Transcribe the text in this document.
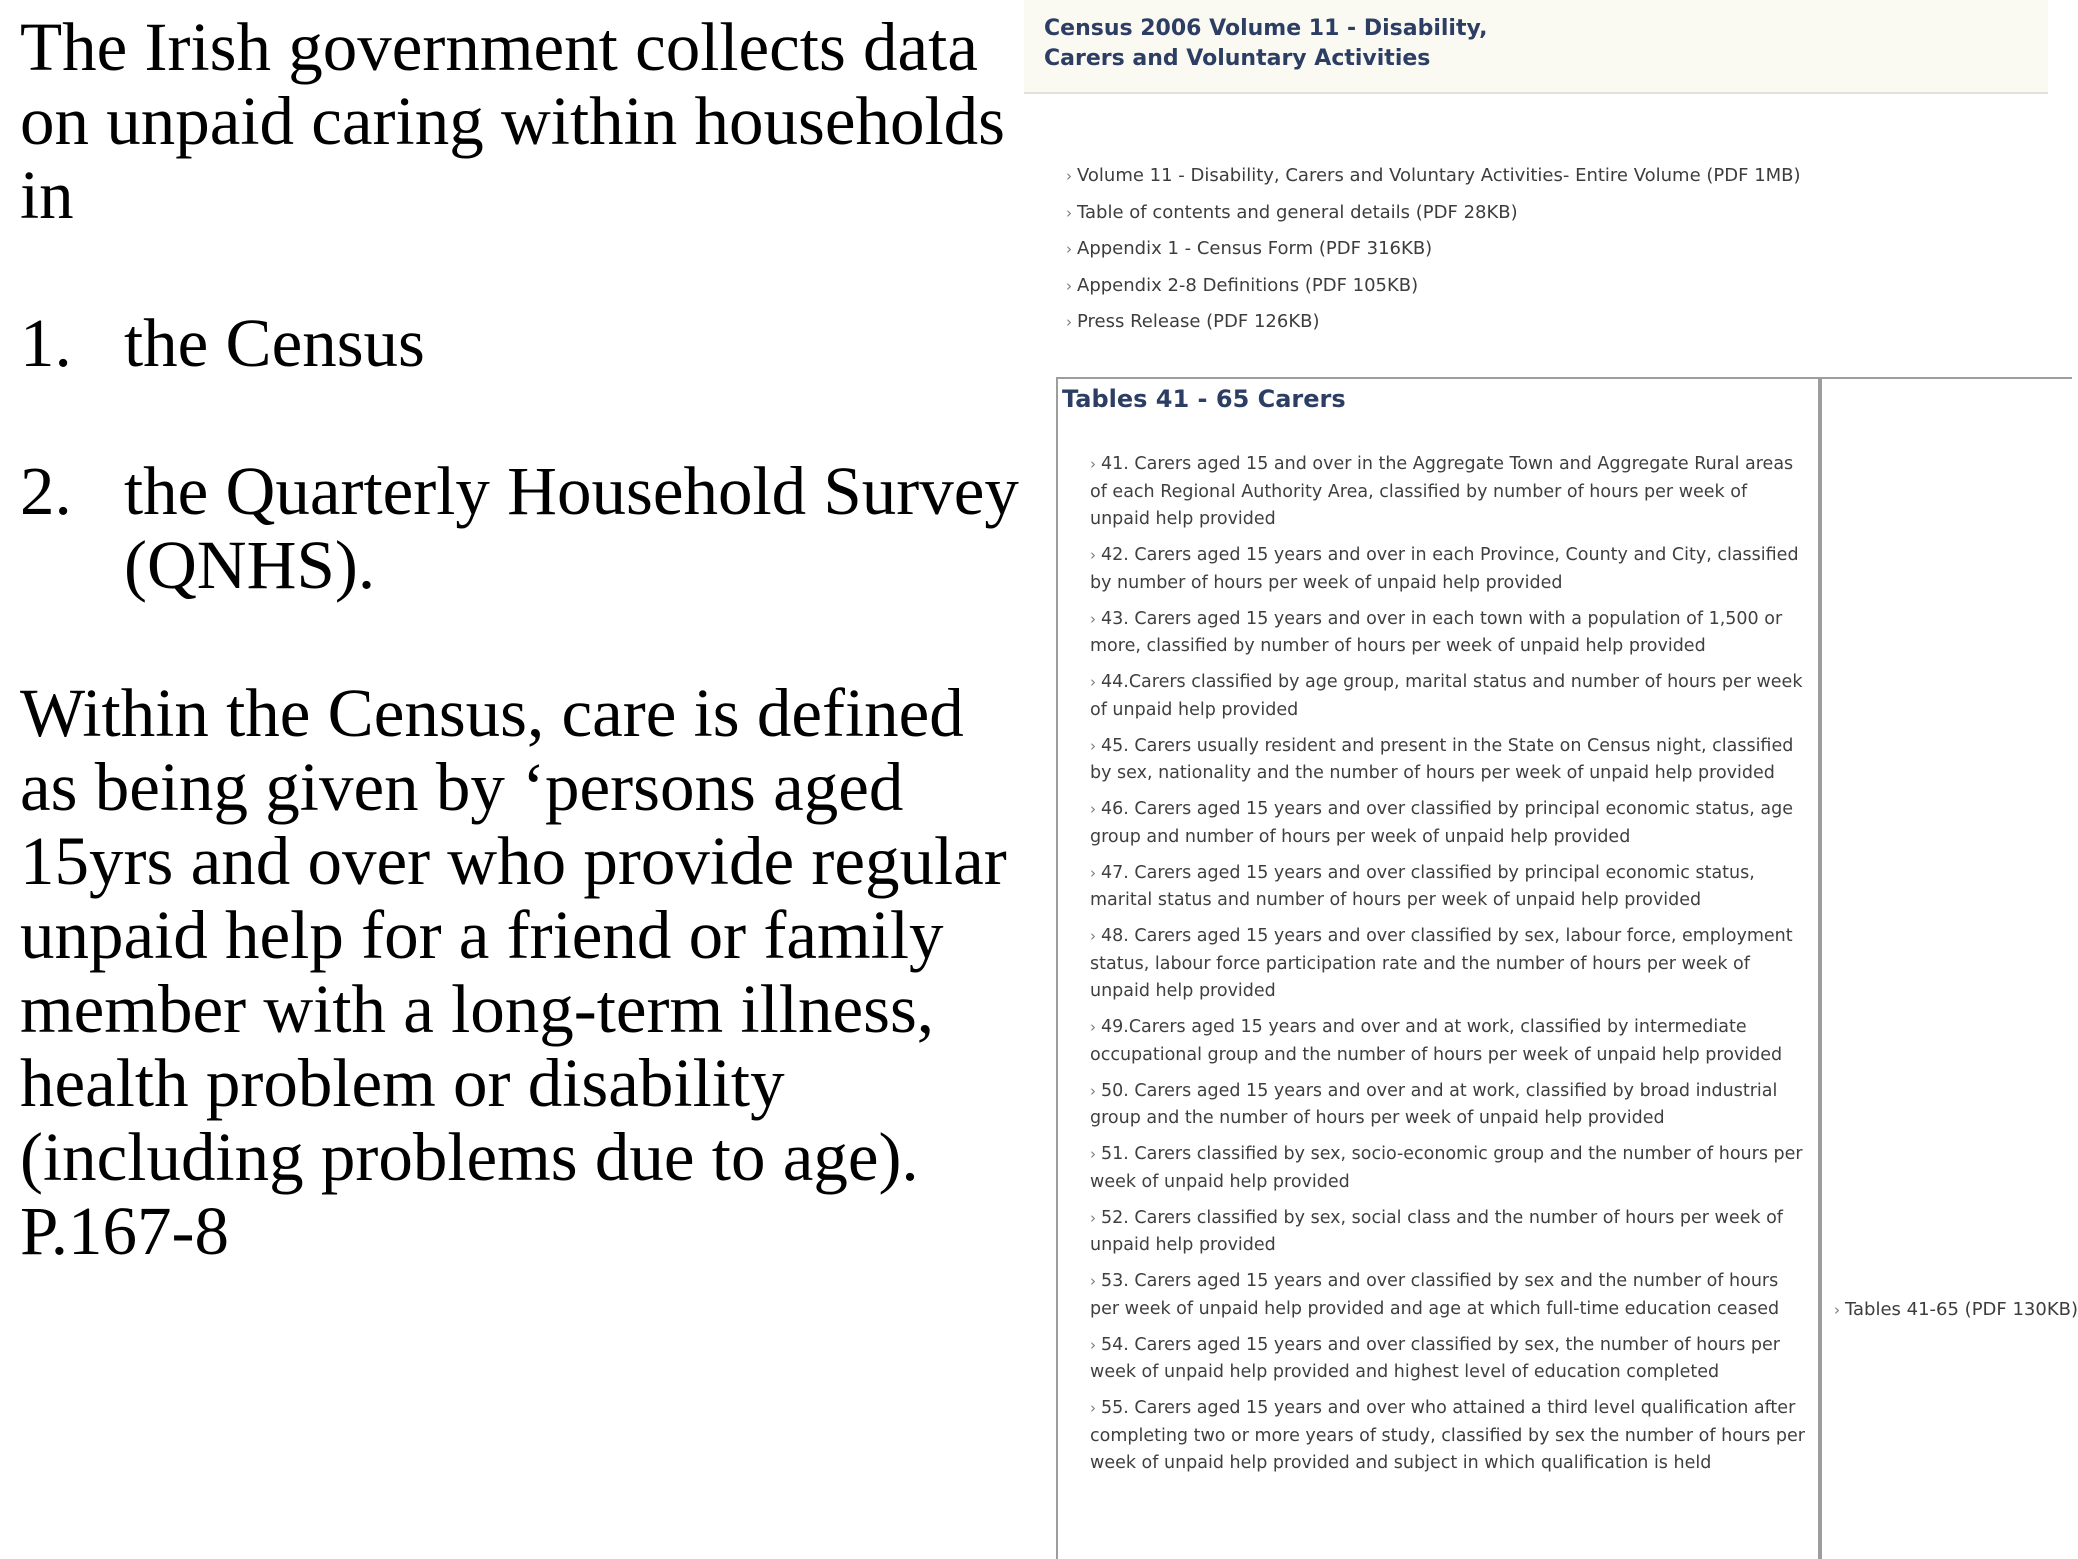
The Irish government collects data on unpaid caring within households in

1. the Census

2. the Quarterly Household Survey (QNHS).

Within the Census, care is defined as being given by ‘persons aged 15yrs and over who provide regular unpaid help for a friend or family member with a long-term illness, health problem or disability (including problems due to age). P.167-8

Census 2006 Volume 11 - Disability, Carers and Voluntary Activities
› Volume 11 - Disability, Carers and Voluntary Activities- Entire Volume (PDF 1MB)
› Table of contents and general details (PDF 28KB)
› Appendix 1 - Census Form (PDF 316KB)
› Appendix 2-8 Definitions (PDF 105KB)
› Press Release (PDF 126KB)
Tables 41 - 65 Carers
› 41. Carers aged 15 and over in the Aggregate Town and Aggregate Rural areas of each Regional Authority Area, classified by number of hours per week of unpaid help provided
› 42. Carers aged 15 years and over in each Province, County and City, classified by number of hours per week of unpaid help provided
› 43. Carers aged 15 years and over in each town with a population of 1,500 or more, classified by number of hours per week of unpaid help provided
› 44.Carers classified by age group, marital status and number of hours per week of unpaid help provided
› 45. Carers usually resident and present in the State on Census night, classified by sex, nationality and the number of hours per week of unpaid help provided
› 46. Carers aged 15 years and over classified by principal economic status, age group and number of hours per week of unpaid help provided
› 47. Carers aged 15 years and over classified by principal economic status, marital status and number of hours per week of unpaid help provided
› 48. Carers aged 15 years and over classified by sex, labour force, employment status, labour force participation rate and the number of hours per week of unpaid help provided
› 49.Carers aged 15 years and over and at work, classified by intermediate occupational group and the number of hours per week of unpaid help provided
› 50. Carers aged 15 years and over and at work, classified by broad industrial group and the number of hours per week of unpaid help provided
› 51. Carers classified by sex, socio-economic group and the number of hours per week of unpaid help provided
› 52. Carers classified by sex, social class and the number of hours per week of unpaid help provided
› 53. Carers aged 15 years and over classified by sex and the number of hours per week of unpaid help provided and age at which full-time education ceased
› 54. Carers aged 15 years and over classified by sex, the number of hours per week of unpaid help provided and highest level of education completed
› 55. Carers aged 15 years and over who attained a third level qualification after completing two or more years of study, classified by sex the number of hours per week of unpaid help provided and subject in which qualification is held
› Tables 41-65 (PDF 130KB)
